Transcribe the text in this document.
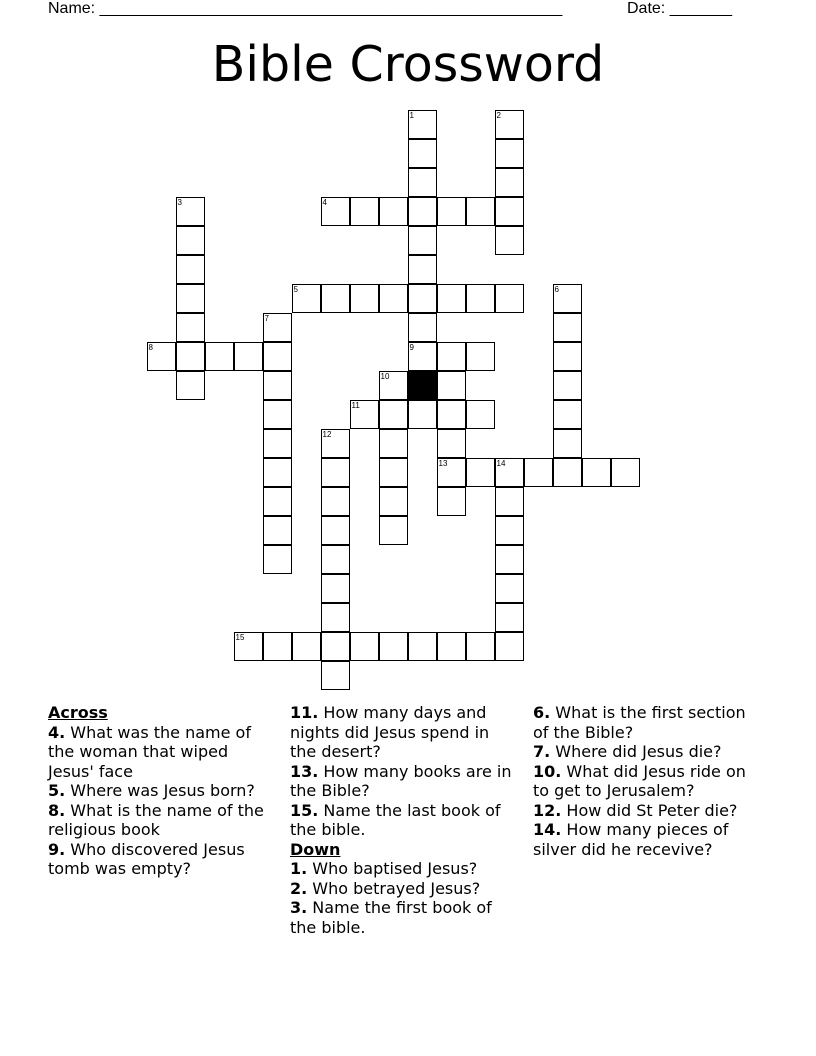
Name: ____________________________________________________	Date: _______
Bible Crossword
1	2
3	4
5	6
7
8	9
10
11
12
13	14
15
Across
4. What was the name of the woman that wiped Jesus' face
5. Where was Jesus born?
8. What is the name of the religious book
9. Who discovered Jesus tomb was empty?
11. How many days and nights did Jesus spend in the desert?
13. How many books are in the Bible?
15. Name the last book of the bible.
Down
1. Who baptised Jesus?
2. Who betrayed Jesus?
3. Name the first book of the bible.
6. What is the first section of the Bible?
7. Where did Jesus die?
10. What did Jesus ride on to get to Jerusalem?
12. How did St Peter die?
14. How many pieces of silver did he recevive?
